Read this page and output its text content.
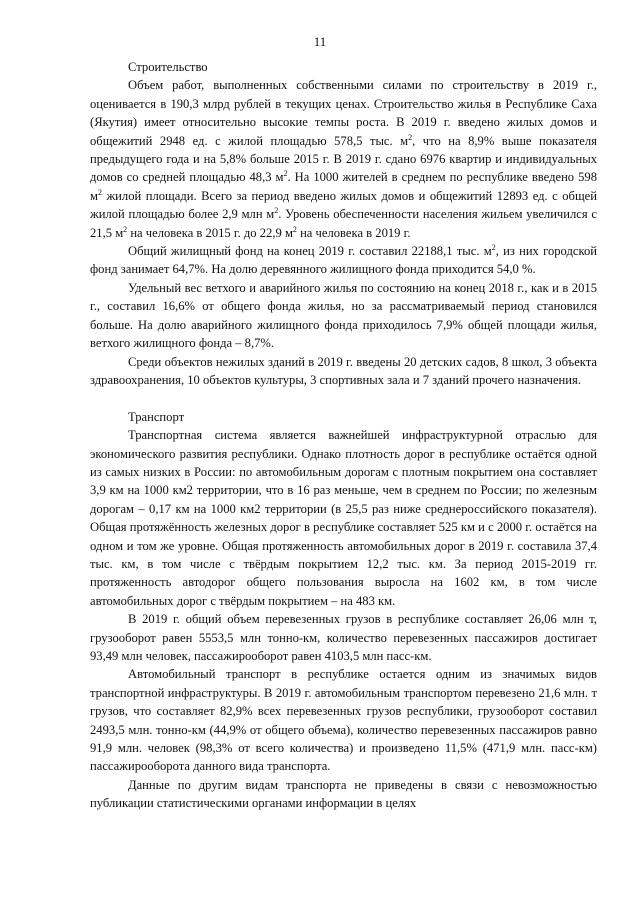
11
Строительство

Объем работ, выполненных собственными силами по строительству в 2019 г., оценивается в 190,3 млрд рублей в текущих ценах. Строительство жилья в Республике Саха (Якутия) имеет относительно высокие темпы роста. В 2019 г. введено жилых домов и общежитий 2948 ед. с жилой площадью 578,5 тыс. $м^2$, что на 8,9% выше показателя предыдущего года и на 5,8% больше 2015 г. В 2019 г. сдано 6976 квартир и индивидуальных домов со средней площадью 48,3 $м^2$. На 1000 жителей в среднем по республике введено 598 $м^2$ жилой площади. Всего за период введено жилых домов и общежитий 12893 ед. с общей жилой площадью более 2,9 млн $м^2$. Уровень обеспеченности населения жильем увеличился с 21,5 $м^2$ на человека в 2015 г. до 22,9 $м^2$ на человека в 2019 г.

Общий жилищный фонд на конец 2019 г. составил 22188,1 тыс. $м^2$, из них городской фонд занимает 64,7%. На долю деревянного жилищного фонда приходится 54,0 %.

Удельный вес ветхого и аварийного жилья по состоянию на конец 2018 г., как и в 2015 г., составил 16,6% от общего фонда жилья, но за рассматриваемый период становился больше. На долю аварийного жилищного фонда приходилось 7,9% общей площади жилья, ветхого жилищного фонда – 8,7%.

Среди объектов нежилых зданий в 2019 г. введены 20 детских садов, 8 школ, 3 объекта здравоохранения, 10 объектов культуры, 3 спортивных зала и 7 зданий прочего назначения.

Транспорт

Транспортная система является важнейшей инфраструктурной отраслью для экономического развития республики. Однако плотность дорог в республике остаётся одной из самых низких в России: по автомобильным дорогам с плотным покрытием она составляет 3,9 км на 1000 км2 территории, что в 16 раз меньше, чем в среднем по России; по железным дорогам – 0,17 км на 1000 км2 территории (в 25,5 раз ниже среднероссийского показателя). Общая протяжённость железных дорог в республике составляет 525 км и с 2000 г. остаётся на одном и том же уровне. Общая протяженность автомобильных дорог в 2019 г. составила 37,4 тыс. км, в том числе с твёрдым покрытием 12,2 тыс. км. За период 2015-2019 гг. протяженность автодорог общего пользования выросла на 1602 км, в том числе автомобильных дорог с твёрдым покрытием – на 483 км.

В 2019 г. общий объем перевезенных грузов в республике составляет 26,06 млн т, грузооборот равен 5553,5 млн тонно-км, количество перевезенных пассажиров достигает 93,49 млн человек, пассажирооборот равен 4103,5 млн пасс-км.

Автомобильный транспорт в республике остается одним из значимых видов транспортной инфраструктуры. В 2019 г. автомобильным транспортом перевезено 21,6 млн. т грузов, что составляет 82,9% всех перевезенных грузов республики, грузооборот составил 2493,5 млн. тонно-км (44,9% от общего объема), количество перевезенных пассажиров равно 91,9 млн. человек (98,3% от всего количества) и произведено 11,5% (471,9 млн. пасс-км) пассажирооборота данного вида транспорта.

Данные по другим видам транспорта не приведены в связи с невозможностью публикации статистическими органами информации в целях
